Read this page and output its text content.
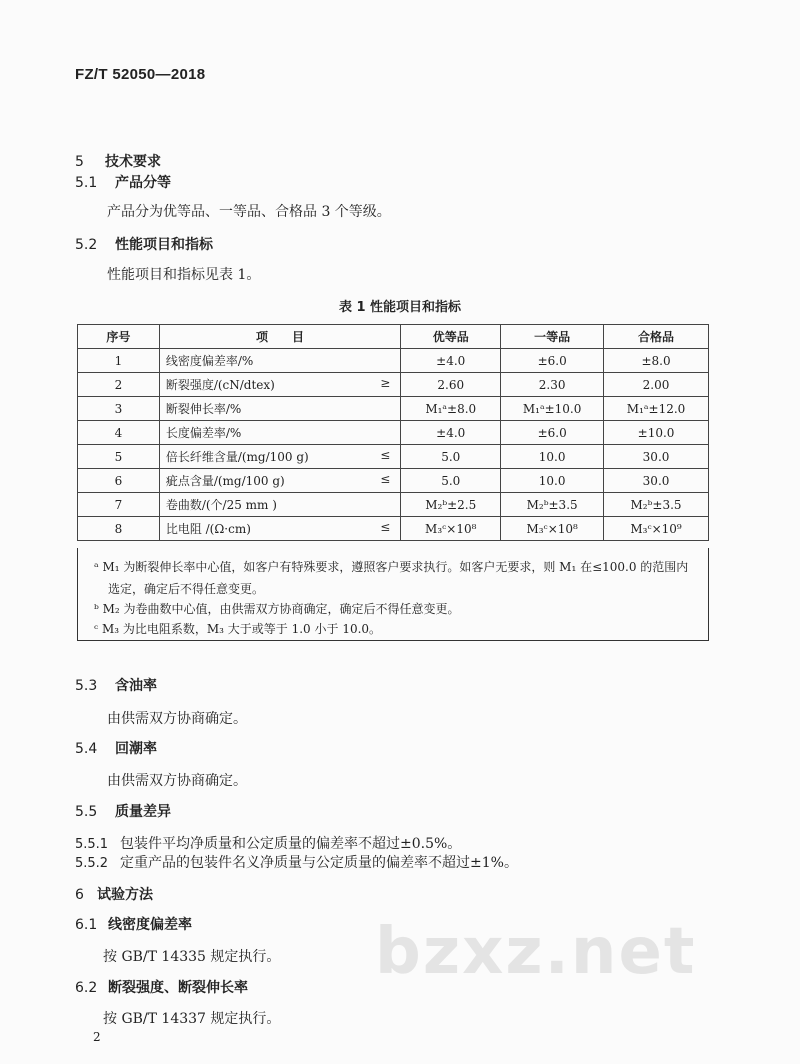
FZ/T 52050—2018
5 技术要求
5.1 产品分等
产品分为优等品、一等品、合格品 3 个等级。
5.2 性能项目和指标
性能项目和指标见表 1。
表 1 性能项目和指标
序号	项　　目	优等品	一等品	合格品
1	线密度偏差率/%	±4.0	±6.0	±8.0
2	断裂强度/(cN/dtex) ≥	2.60	2.30	2.00
3	断裂伸长率/%	M₁ᵃ±8.0	M₁ᵃ±10.0	M₁ᵃ±12.0
4	长度偏差率/%	±4.0	±6.0	±10.0
5	倍长纤维含量/(mg/100 g) ≤	5.0	10.0	30.0
6	疵点含量/(mg/100 g) ≤	5.0	10.0	30.0
7	卷曲数/(个/25 mm )	M₂ᵇ±2.5	M₂ᵇ±3.5	M₂ᵇ±3.5
8	比电阻 /(Ω·cm) ≤	M₃ᶜ×10⁸	M₃ᶜ×10⁸	M₃ᶜ×10⁹
ᵃ M₁ 为断裂伸长率中心值，如客户有特殊要求，遵照客户要求执行。如客户无要求，则 M₁ 在≤100.0 的范围内
选定，确定后不得任意变更。
ᵇ M₂ 为卷曲数中心值，由供需双方协商确定，确定后不得任意变更。
ᶜ M₃ 为比电阻系数，M₃ 大于或等于 1.0 小于 10.0。
5.3 含油率
由供需双方协商确定。
5.4 回潮率
由供需双方协商确定。
5.5 质量差异
5.5.1 包装件平均净质量和公定质量的偏差率不超过±0.5%。
5.5.2 定重产品的包装件名义净质量与公定质量的偏差率不超过±1%。
6 试验方法
6.1 线密度偏差率
按 GB/T 14335 规定执行。 bzxz.net
6.2 断裂强度、断裂伸长率
按 GB/T 14337 规定执行。
2
